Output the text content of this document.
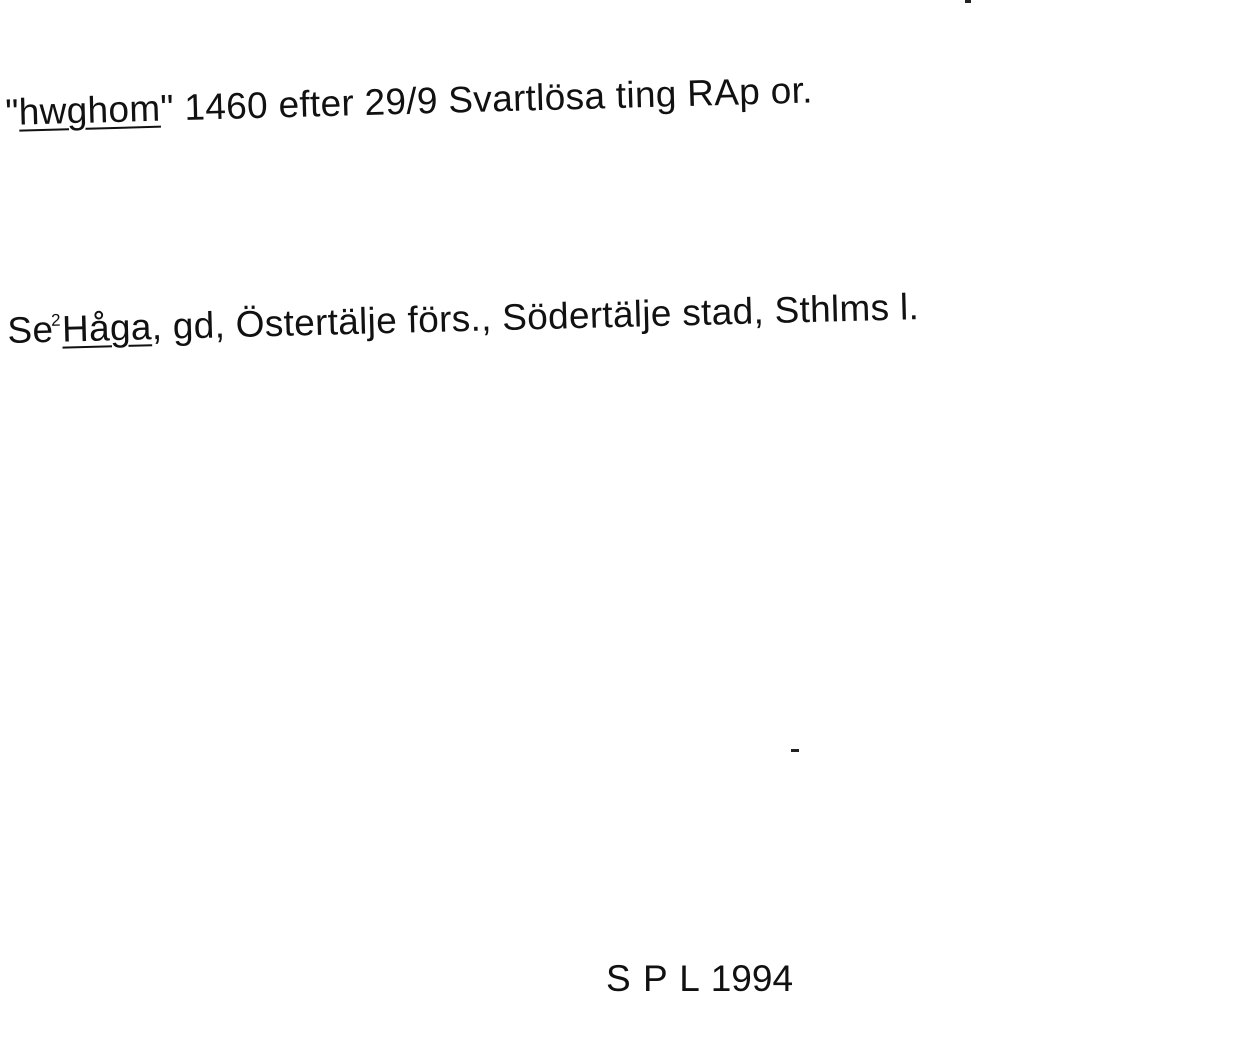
"hwghom" 1460 efter 29/9 Svartlösa ting RAp or.
Se$^2$Håga, gd, Östertälje förs., Södertälje stad, Sthlms l.
S P L 1994
